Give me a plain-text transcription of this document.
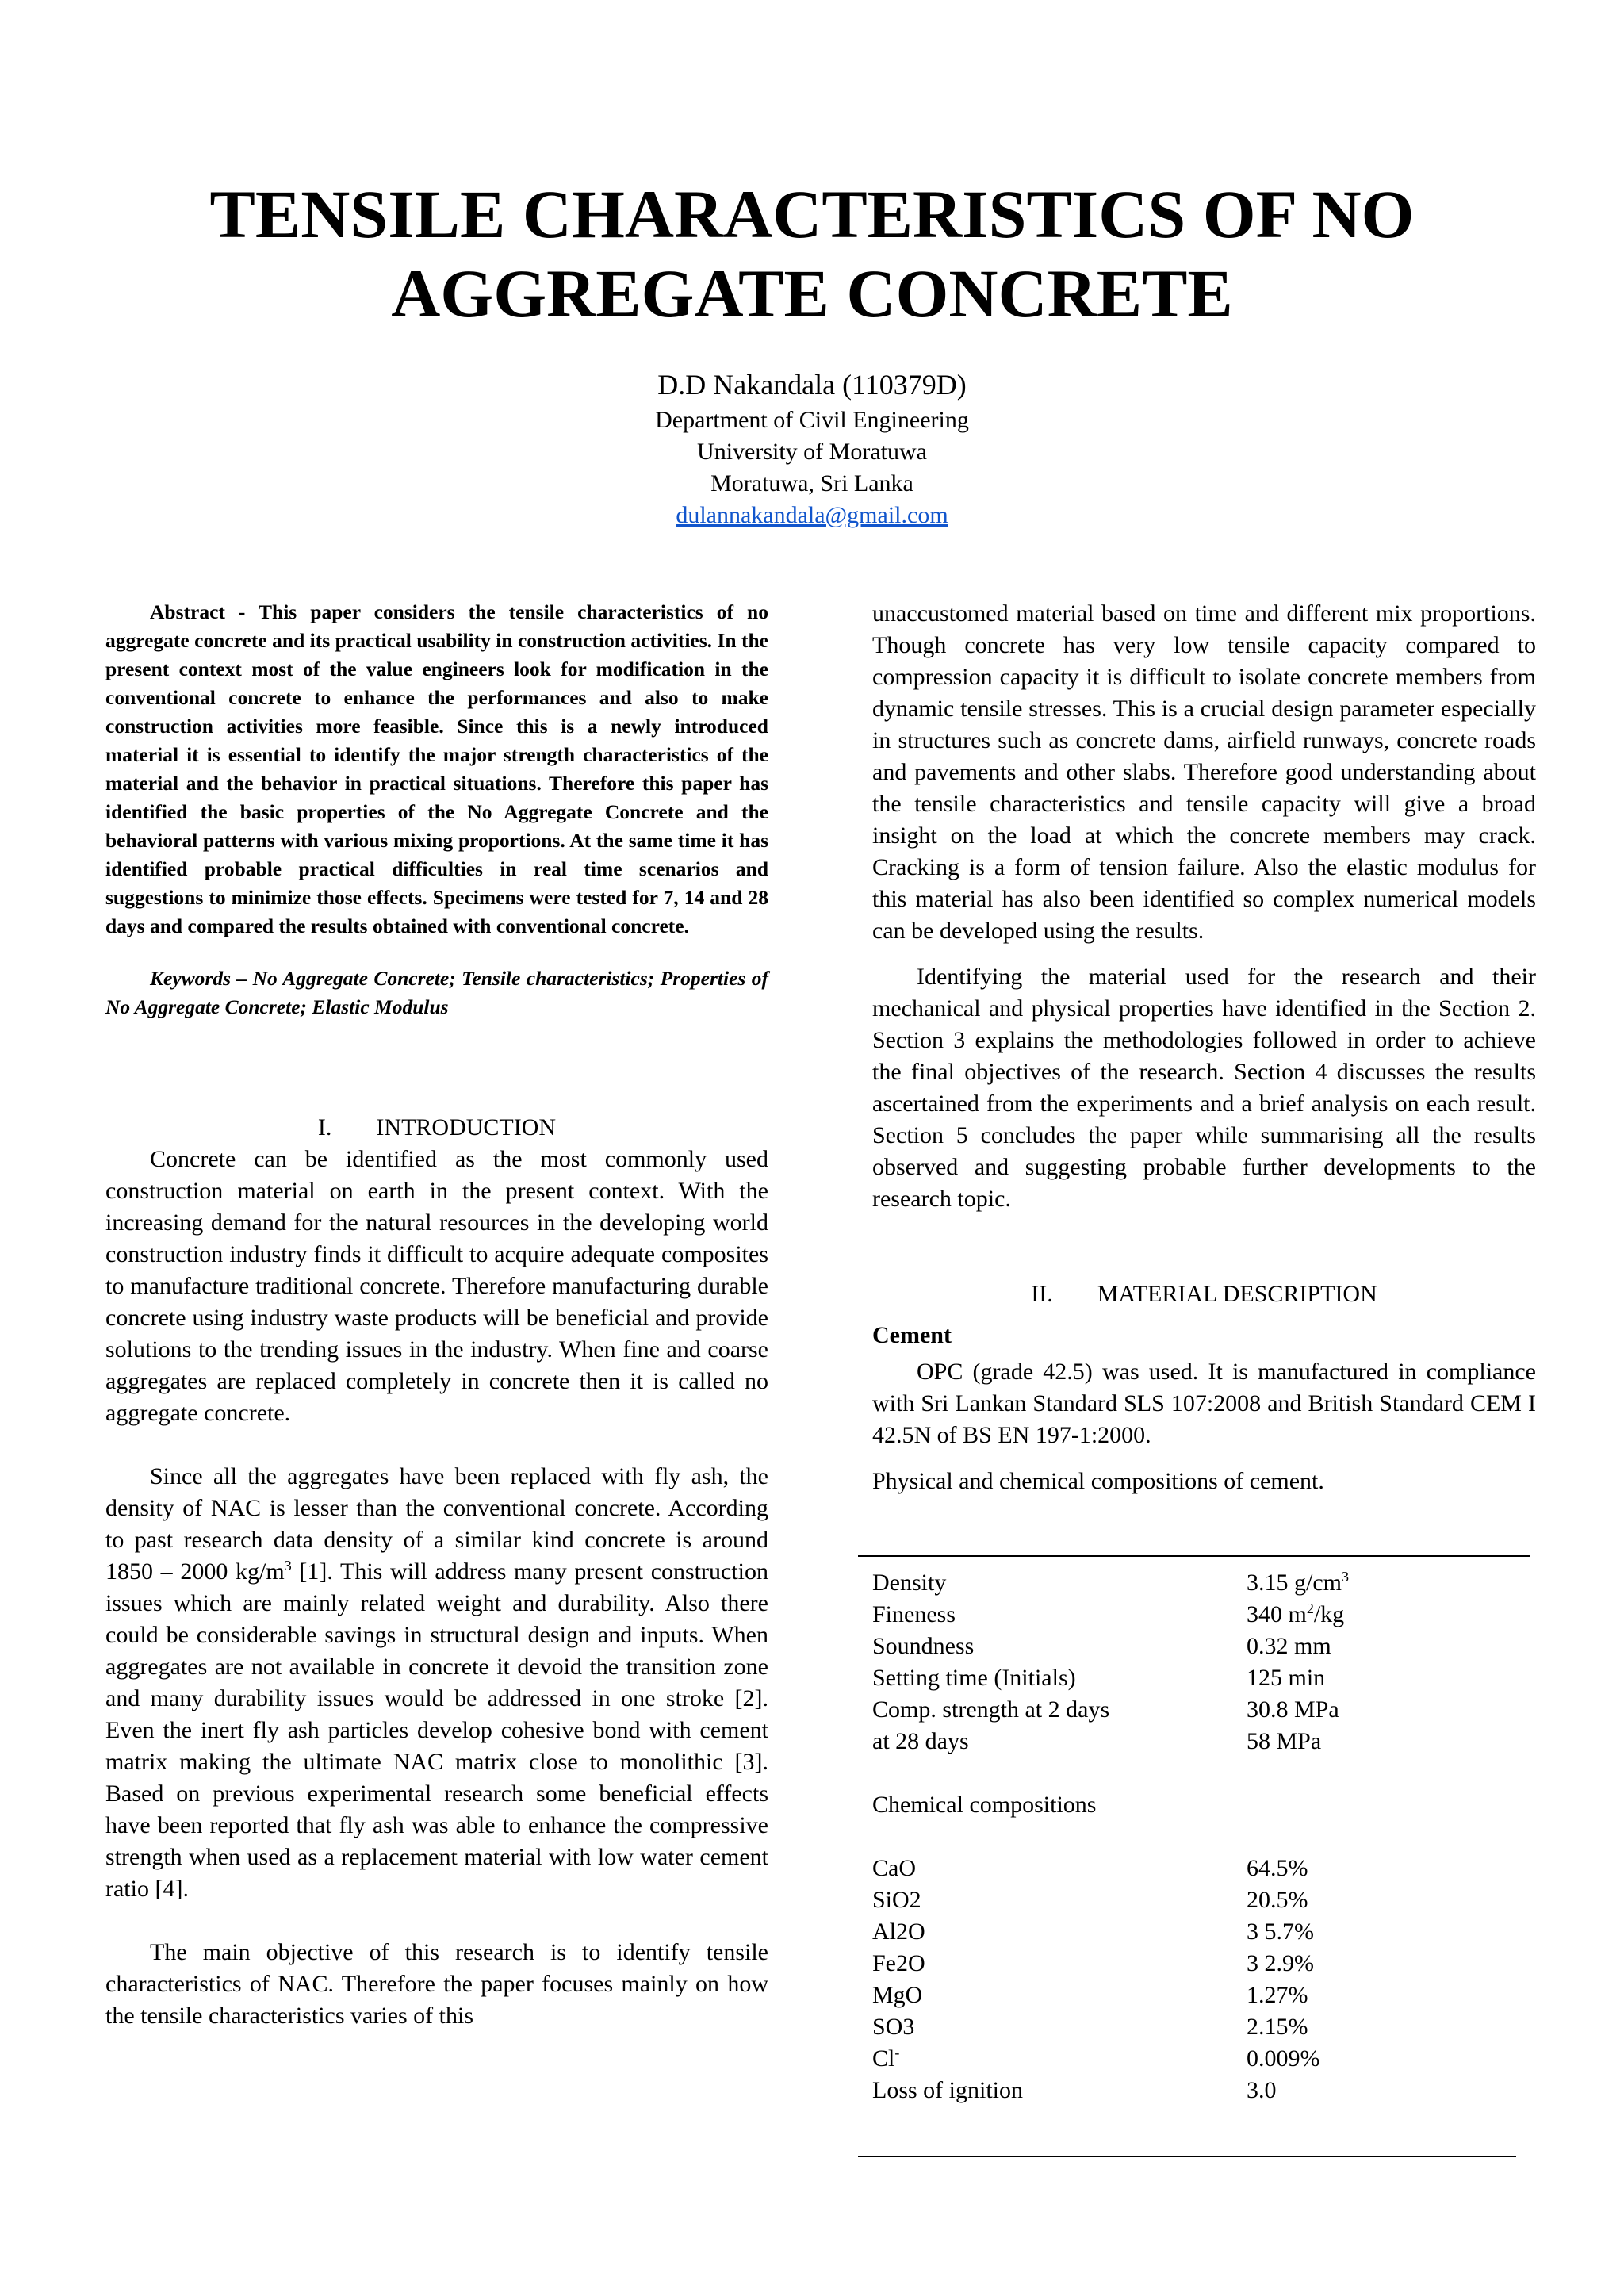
TENSILE CHARACTERISTICS OF NO
AGGREGATE CONCRETE
D.D Nakandala (110379D)
Department of Civil Engineering
University of Moratuwa
Moratuwa, Sri Lanka
dulannakandala@gmail.com

Abstract - This paper considers the tensile characteristics of no aggregate concrete and its practical usability in construction activities. In the present context most of the value engineers look for modification in the conventional concrete to enhance the performances and also to make construction activities more feasible. Since this is a newly introduced material it is essential to identify the major strength characteristics of the material and the behavior in practical situations. Therefore this paper has identified the basic properties of the No Aggregate Concrete and the behavioral patterns with various mixing proportions. At the same time it has identified probable practical difficulties in real time scenarios and suggestions to minimize those effects. Specimens were tested for 7, 14 and 28 days and compared the results obtained with conventional concrete.

Keywords – No Aggregate Concrete; Tensile characteristics; Properties of No Aggregate Concrete; Elastic Modulus

I. INTRODUCTION

Concrete can be identified as the most commonly used construction material on earth in the present context. With the increasing demand for the natural resources in the developing world construction industry finds it difficult to acquire adequate composites to manufacture traditional concrete. Therefore manufacturing durable concrete using industry waste products will be beneficial and provide solutions to the trending issues in the industry. When fine and coarse aggregates are replaced completely in concrete then it is called no aggregate concrete.

Since all the aggregates have been replaced with fly ash, the density of NAC is lesser than the conventional concrete. According to past research data density of a similar kind concrete is around 1850 – 2000 $kg/m^3$ [1]. This will address many present construction issues which are mainly related weight and durability. Also there could be considerable savings in structural design and inputs. When aggregates are not available in concrete it devoid the transition zone and many durability issues would be addressed in one stroke [2]. Even the inert fly ash particles develop cohesive bond with cement matrix making the ultimate NAC matrix close to monolithic [3]. Based on previous experimental research some beneficial effects have been reported that fly ash was able to enhance the compressive strength when used as a replacement material with low water cement ratio [4].

The main objective of this research is to identify tensile characteristics of NAC. Therefore the paper focuses mainly on how the tensile characteristics varies of this

unaccustomed material based on time and different mix proportions. Though concrete has very low tensile capacity compared to compression capacity it is difficult to isolate concrete members from dynamic tensile stresses. This is a crucial design parameter especially in structures such as concrete dams, airfield runways, concrete roads and pavements and other slabs. Therefore good understanding about the tensile characteristics and tensile capacity will give a broad insight on the load at which the concrete members may crack. Cracking is a form of tension failure. Also the elastic modulus for this material has also been identified so complex numerical models can be developed using the results.

Identifying the material used for the research and their mechanical and physical properties have identified in the Section 2. Section 3 explains the methodologies followed in order to achieve the final objectives of the research. Section 4 discusses the results ascertained from the experiments and a brief analysis on each result. Section 5 concludes the paper while summarising all the results observed and suggesting probable further developments to the research topic.

II. MATERIAL DESCRIPTION

Cement

OPC (grade 42.5) was used. It is manufactured in compliance with Sri Lankan Standard SLS 107:2008 and British Standard CEM I 42.5N of BS EN 197-1:2000.

Physical and chemical compositions of cement.

Density	3.15 $g/cm^3$
Fineness	340 $m^2/kg$
Soundness	0.32 mm
Setting time (Initials)	125 min
Comp. strength at 2 days	30.8 MPa
at 28 days	58 MPa

Chemical compositions	

CaO	64.5%
SiO2	20.5%
Al2O	3 5.7%
Fe2O	3 2.9%
MgO	1.27%
SO3	2.15%
Cl-	0.009%
Loss of ignition	3.0
